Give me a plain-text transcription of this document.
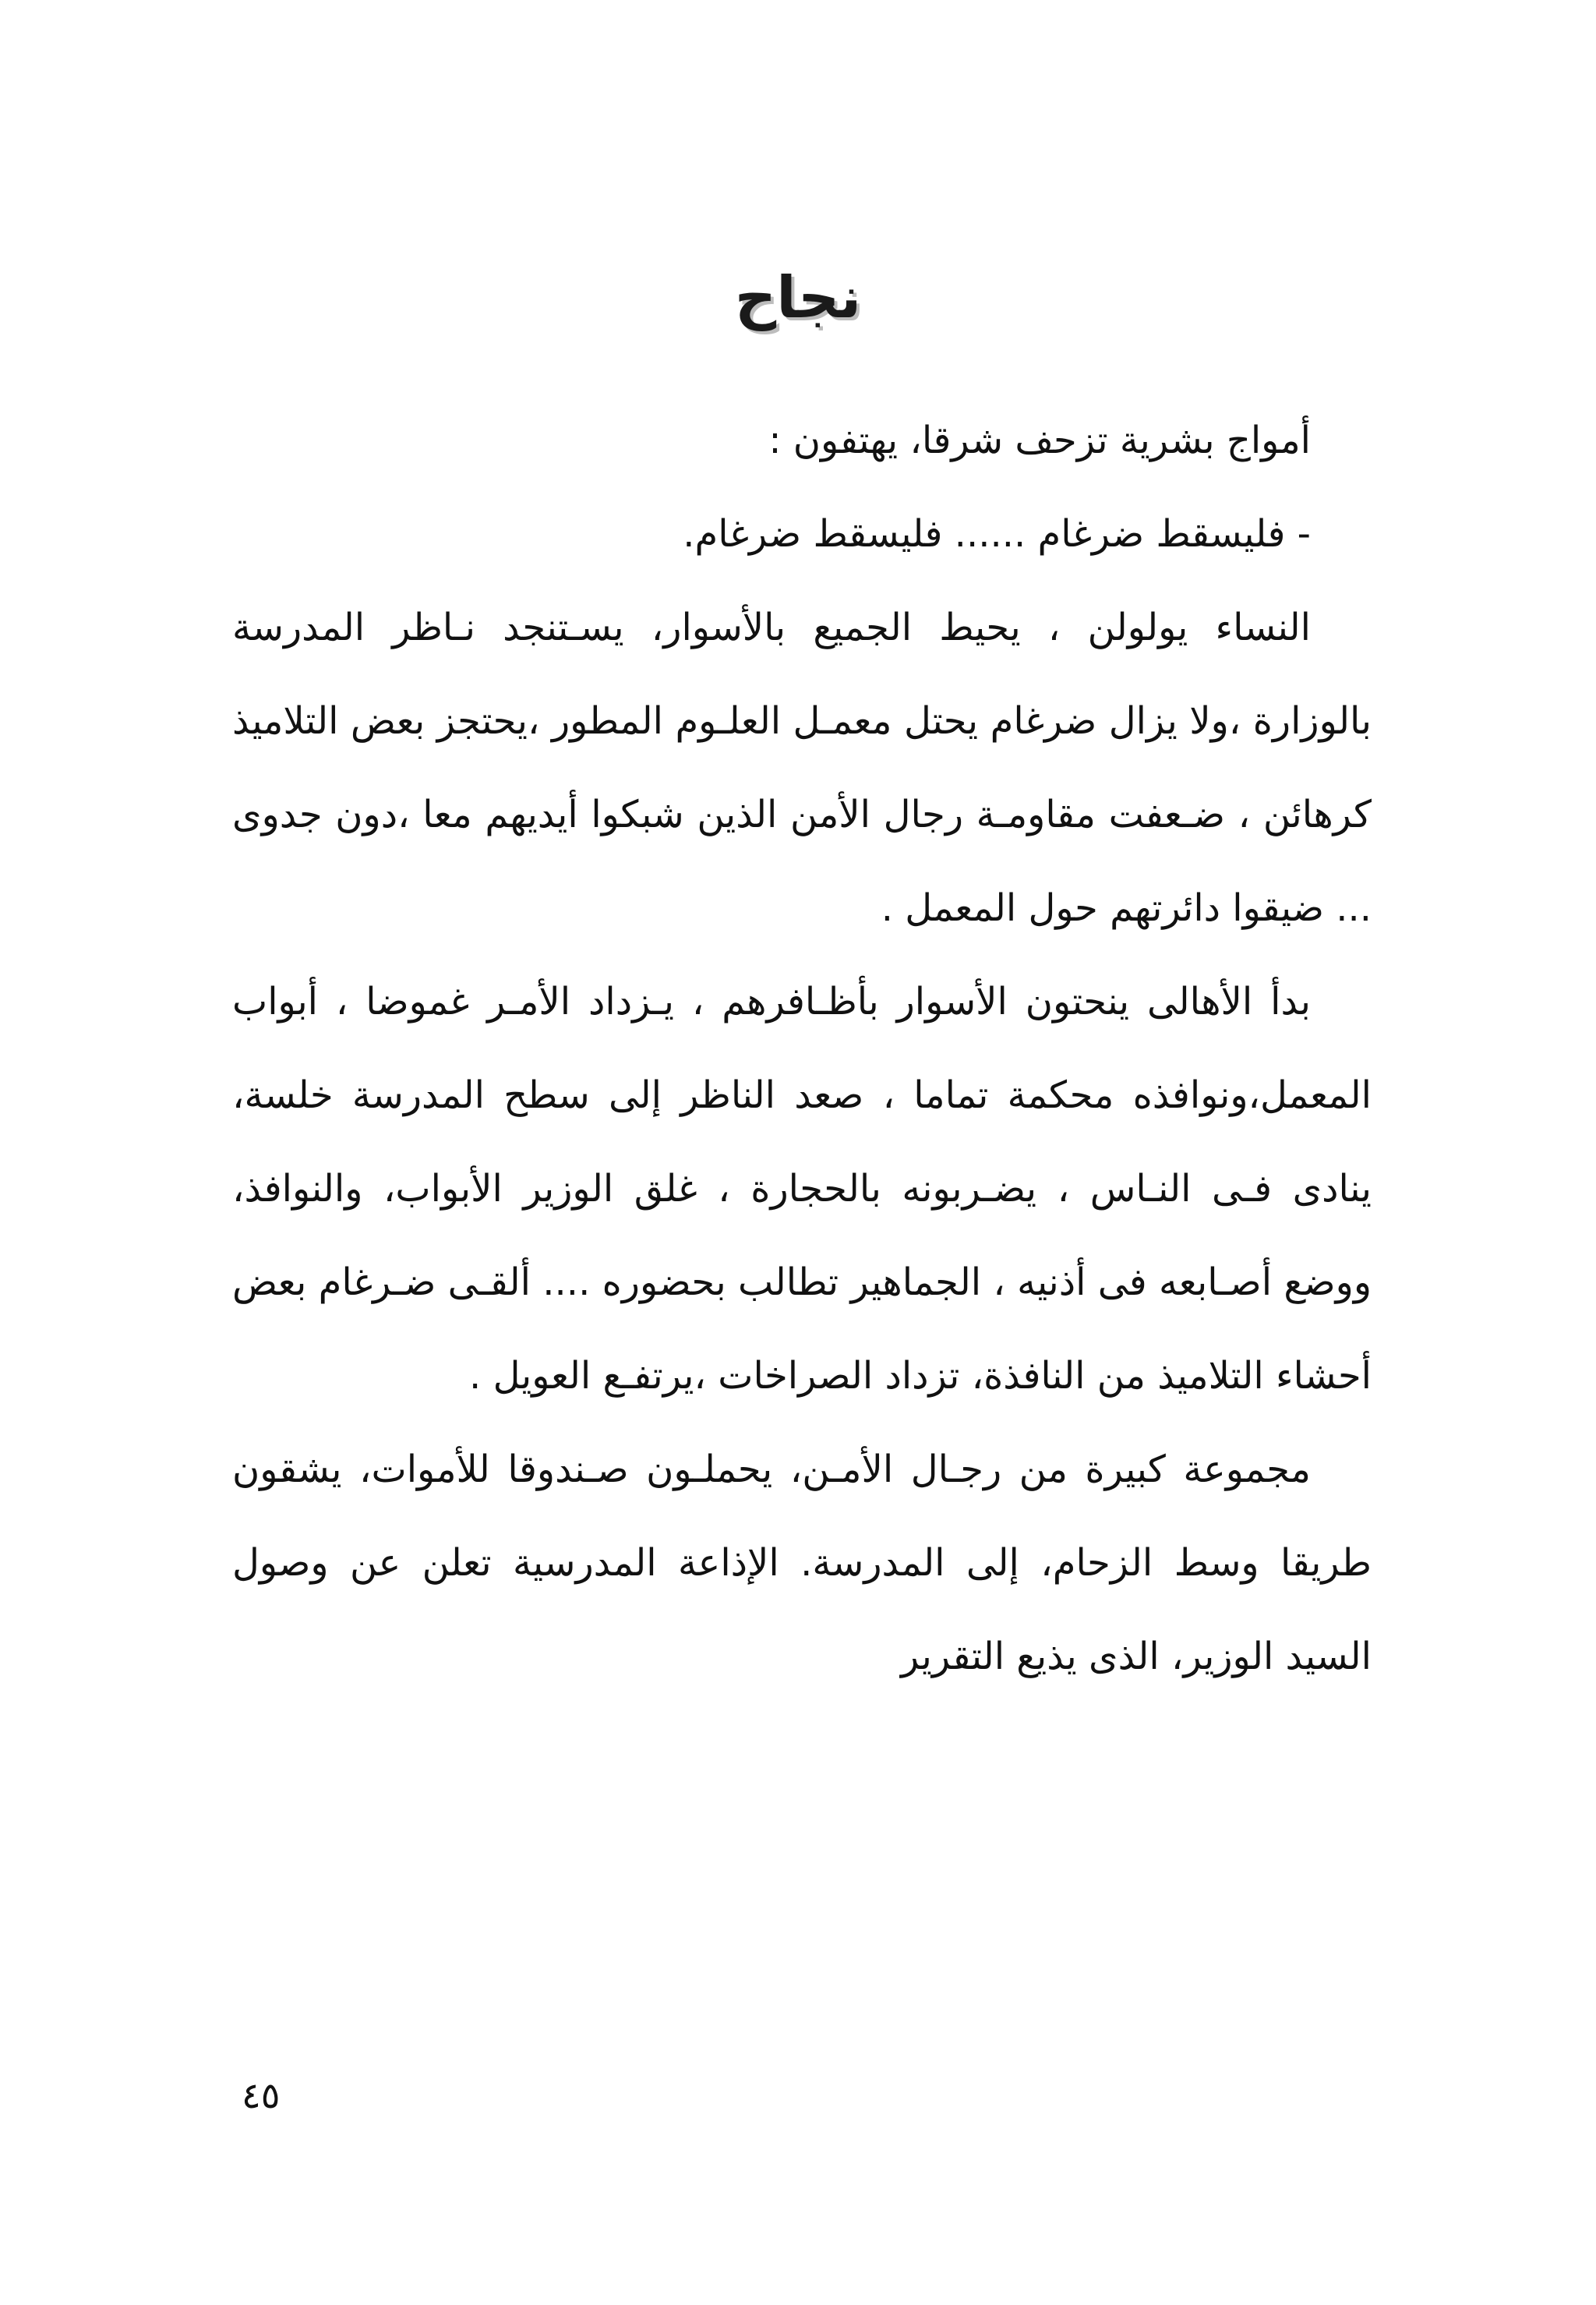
نجاح

أمواج بشرية تزحف شرقا، يهتفون :

- فليسقط ضرغام ...... فليسقط ضرغام.

النساء يولولن ، يحيط الجميع بالأسوار، يسـتنجد نـاظر المدرسة بالوزارة ،ولا يزال ضرغام يحتل معمـل العلـوم المطور ،يحتجز بعض التلاميذ كرهائن ، ضـعفت مقاومـة رجال الأمن الذين شبكوا أيديهم معا ،دون جدوى ... ضيقوا دائرتهم حول المعمل .

بدأ الأهالى ينحتون الأسوار بأظـافرهم ، يـزداد الأمـر غموضا ، أبواب المعمل،ونوافذه محكمة تماما ، صعد الناظر إلى سطح المدرسة خلسة، ينادى فـى النـاس ، يضـربونه بالحجارة ، غلق الوزير الأبواب، والنوافذ، ووضع أصـابعه فى أذنيه ، الجماهير تطالب بحضوره .... ألقـى ضـرغام بعض أحشاء التلاميذ من النافذة، تزداد الصراخات ،يرتفـع العويل .

مجموعة كبيرة من رجـال الأمـن، يحملـون صـندوقا للأموات، يشقون طريقا وسط الزحام، إلى المدرسة. الإذاعة المدرسية تعلن عن وصول السيد الوزير، الذى يذيع التقرير

٤٥
